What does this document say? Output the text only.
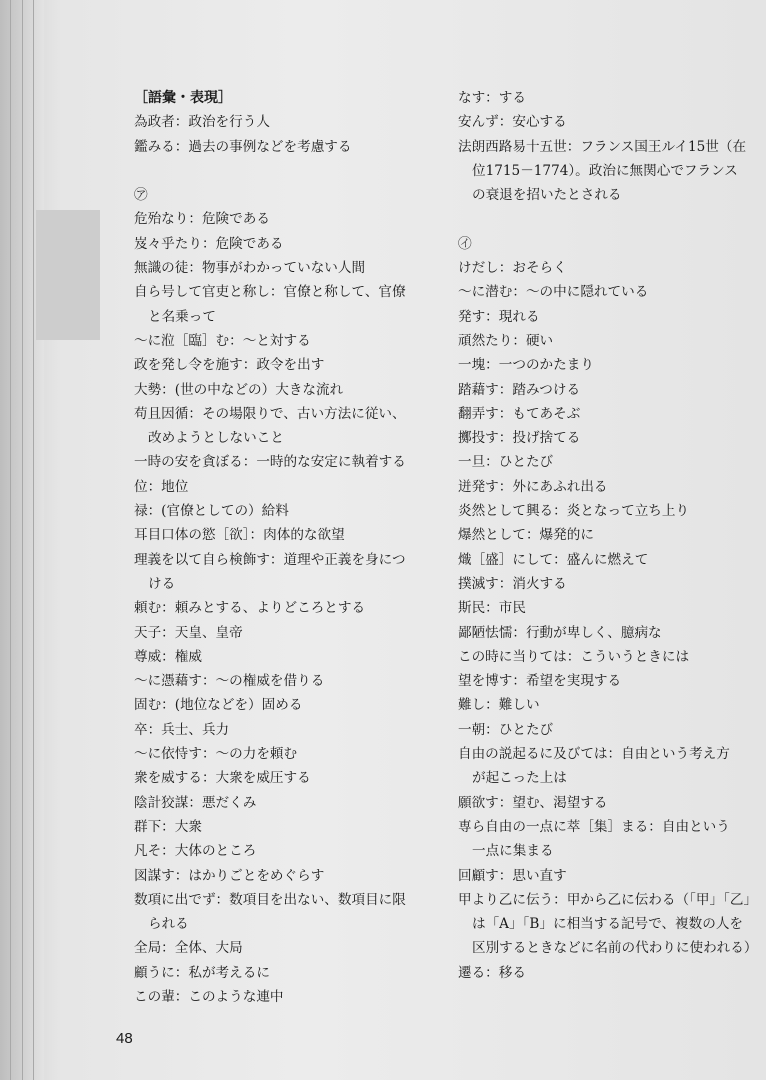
［語彙・表現］
為政者：政治を行う人
鑑みる：過去の事例などを考慮する
㋐
危殆なり：危険である
岌々乎たり：危険である
無識の徒：物事がわかっていない人間
自ら号して官吏と称し：官僚と称して、官僚
と名乗って
〜に涖［臨］む：〜と対する
政を発し令を施す：政令を出す
大勢：(世の中などの）大きな流れ
苟且因循：その場限りで、古い方法に従い、
改めようとしないこと
一時の安を貪ぼる：一時的な安定に執着する
位：地位
禄：(官僚としての）給料
耳目口体の慾［欲］：肉体的な欲望
理義を以て自ら検飾す：道理や正義を身につ
ける
頼む：頼みとする、よりどころとする
天子：天皇、皇帝
尊威：権威
〜に憑藉す：〜の権威を借りる
固む：(地位などを）固める
卒：兵士、兵力
〜に依恃す：〜の力を頼む
衆を威する：大衆を威圧する
陰計狡謀：悪だくみ
群下：大衆
凡そ：大体のところ
図謀す：はかりごとをめぐらす
数項に出でず：数項目を出ない、数項目に限
られる
全局：全体、大局
顧うに：私が考えるに
この輩：このような連中
なす：する
安んず：安心する
法朗西路易十五世：フランス国王ルイ15世（在
位1715－1774）。政治に無関心でフランス
の衰退を招いたとされる
㋑
けだし：おそらく
〜に潜む：〜の中に隠れている
発す：現れる
頑然たり：硬い
一塊：一つのかたまり
踏藉す：踏みつける
翻弄す：もてあそぶ
擲投す：投げ捨てる
一旦：ひとたび
迸発す：外にあふれ出る
炎然として興る：炎となって立ち上り
爆然として：爆発的に
熾［盛］にして：盛んに燃えて
撲滅す：消火する
斯民：市民
鄙陋怯懦：行動が卑しく、臆病な
この時に当りては：こういうときには
望を博す：希望を実現する
難し：難しい
一朝：ひとたび
自由の説起るに及びては：自由という考え方
が起こった上は
願欲す：望む、渇望する
専ら自由の一点に萃［集］まる：自由という
一点に集まる
回顧す：思い直す
甲より乙に伝う：甲から乙に伝わる（「甲」「乙」
は「A」「B」に相当する記号で、複数の人を
区別するときなどに名前の代わりに使われる）
遷る：移る
48
